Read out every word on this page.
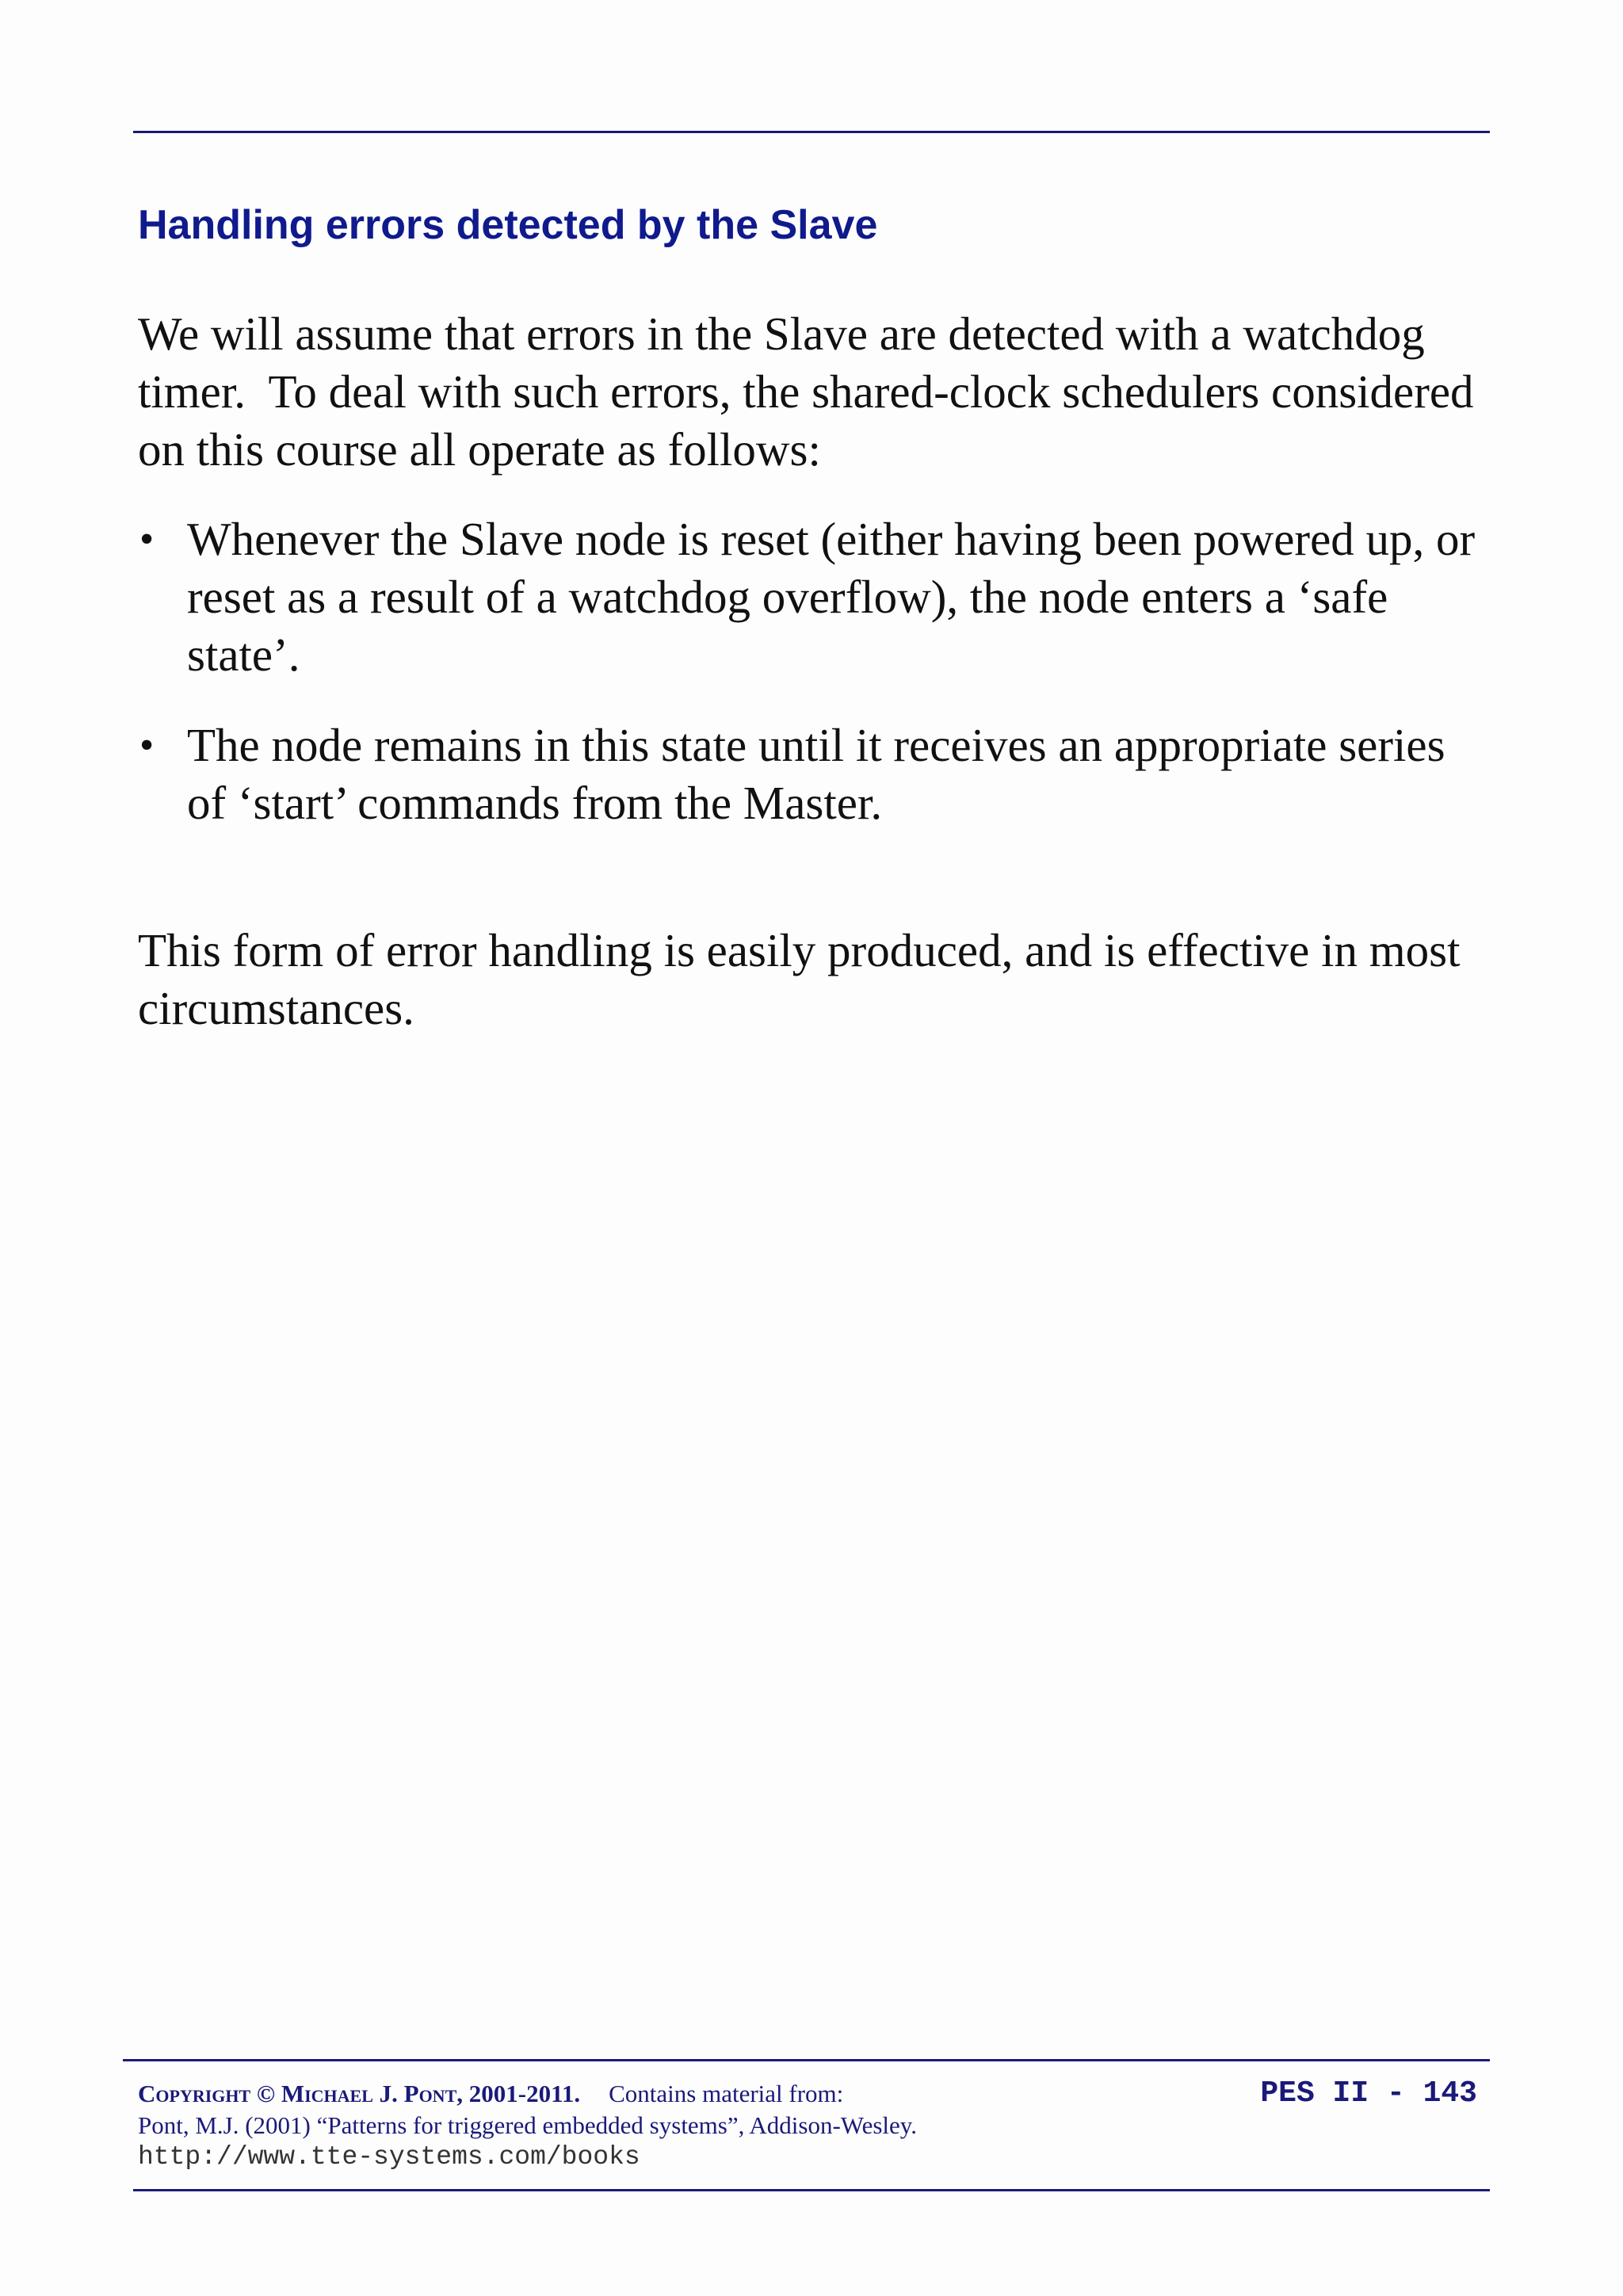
Handling errors detected by the Slave

We will assume that errors in the Slave are detected with a watchdog timer.  To deal with such errors, the shared-clock schedulers considered on this course all operate as follows:

• Whenever the Slave node is reset (either having been powered up, or reset as a result of a watchdog overflow), the node enters a ‘safe state’.
• The node remains in this state until it receives an appropriate series of ‘start’ commands from the Master.

This form of error handling is easily produced, and is effective in most circumstances.

Copyright © Michael J. Pont, 2001-2011. Contains material from:

Pont, M.J. (2001) “Patterns for triggered embedded systems”, Addison-Wesley.

http://www.tte-systems.com/books

PES II - 143
